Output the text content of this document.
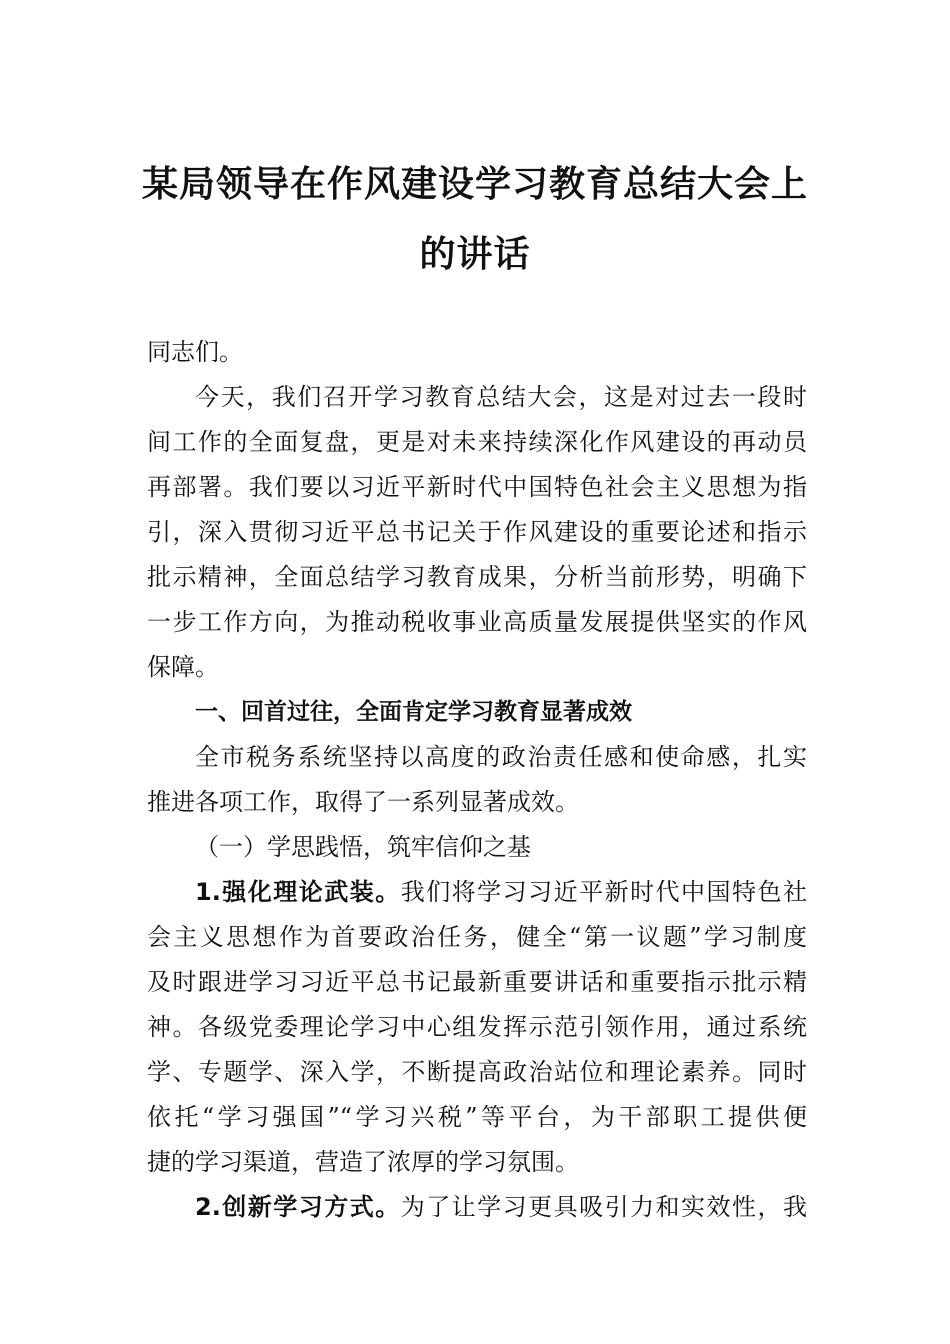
某局领导在作风建设学习教育总结大会上
的讲话
同志们。
今天，我们召开学习教育总结大会，这是对过去一段时
间工作的全面复盘，更是对未来持续深化作风建设的再动员
再部署。我们要以习近平新时代中国特色社会主义思想为指
引，深入贯彻习近平总书记关于作风建设的重要论述和指示
批示精神，全面总结学习教育成果，分析当前形势，明确下
一步工作方向，为推动税收事业高质量发展提供坚实的作风
保障。
一、回首过往，全面肯定学习教育显著成效
全市税务系统坚持以高度的政治责任感和使命感，扎实
推进各项工作，取得了一系列显著成效。
（一）学思践悟，筑牢信仰之基
1.强化理论武装。我们将学习习近平新时代中国特色社
会主义思想作为首要政治任务，健全“第一议题”学习制度
及时跟进学习习近平总书记最新重要讲话和重要指示批示精
神。各级党委理论学习中心组发挥示范引领作用，通过系统
学、专题学、深入学，不断提高政治站位和理论素养。同时
依托“学习强国”“学习兴税”等平台，为干部职工提供便
捷的学习渠道，营造了浓厚的学习氛围。
2.创新学习方式。为了让学习更具吸引力和实效性，我
